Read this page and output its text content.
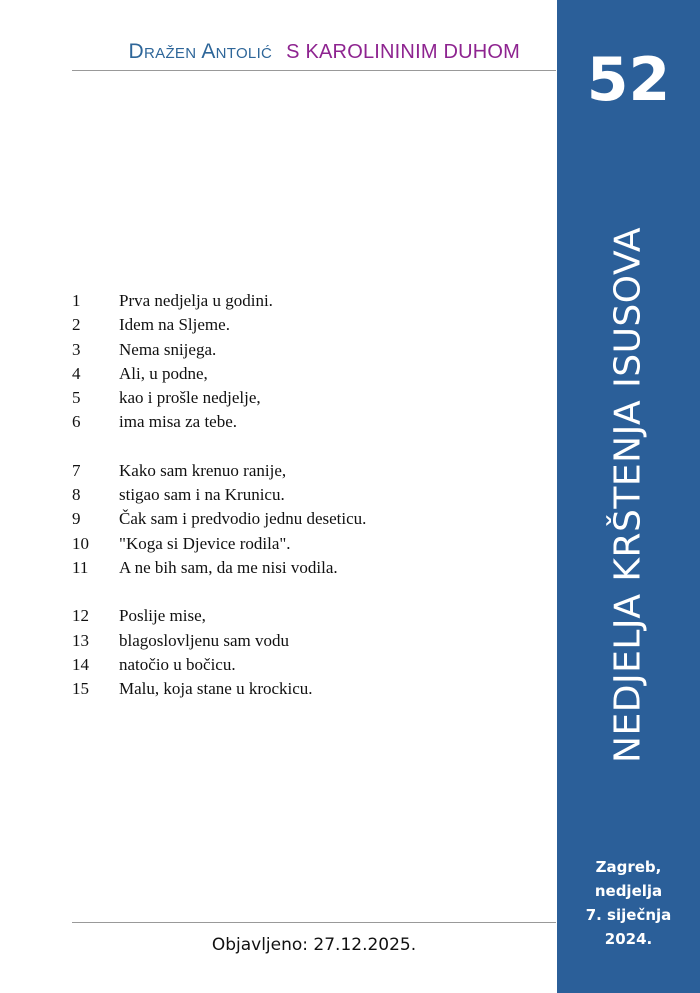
Dražen Antolić S KAROLININIM DUHOM
1	Prva nedjelja u godini.
2	Idem na Sljeme.
3	Nema snijega.
4	Ali, u podne,
5	kao i prošle nedjelje,
6	ima misa za tebe.
7	Kako sam krenuo ranije,
8	stigao sam i na Krunicu.
9	Čak sam i predvodio jednu deseticu.
10	"Koga si Djevice rodila".
11	A ne bih sam, da me nisi vodila.
12	Poslije mise,
13	blagoslovljenu sam vodu
14	natočio u bočicu.
15	Malu, koja stane u krockicu.
Objavljeno: 27.12.2025.
52
NEDJELJA KRŠTENJA ISUSOVA
Zagreb,
nedjelja
7. siječnja
2024.
